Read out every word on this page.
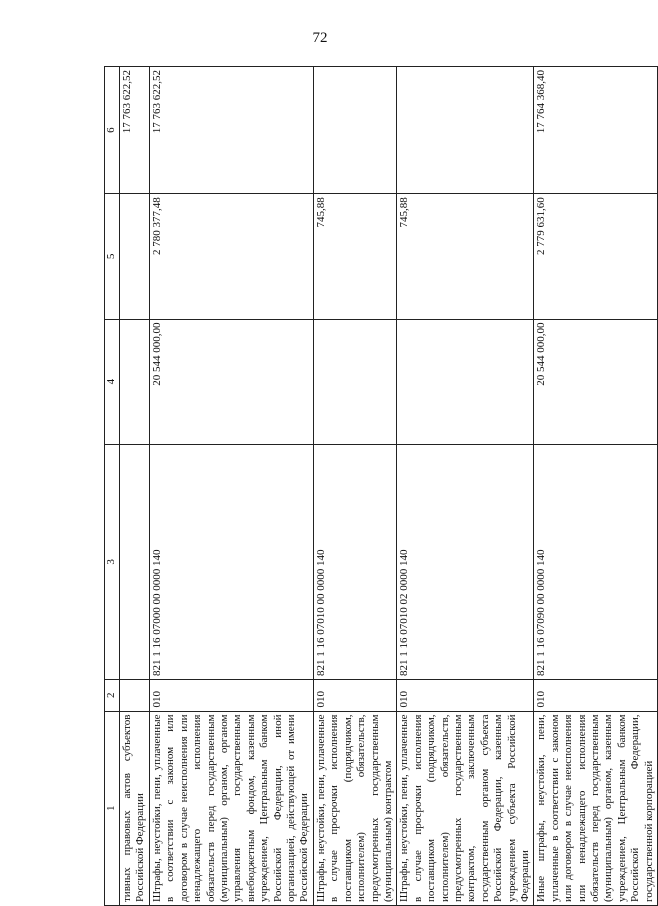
72
1	2	3	4	5	6
тивных правовых актов субъектов Российской Федерации					17 763 622,52
Штрафы, неустойки, пени, уплаченные в соответствии с законом или договором в случае неисполнения или ненадлежащего исполнения обязательств перед государственным (муниципальным) органом, органом управления государственным внебюджетным фондом, казенным учреждением, Центральным банком Российской Федерации, иной организацией, действующей от имени Российской Федерации	010	821 1 16 07000 00 0000 140	20 544 000,00	2 780 377,48	17 763 622,52
Штрафы, неустойки, пени, уплаченные в случае просрочки исполнения поставщиком (подрядчиком, исполнителем) обязательств, предусмотренных государственным (муниципальным) контрактом	010	821 1 16 07010 00 0000 140		745,88	
Штрафы, неустойки, пени, уплаченные в случае просрочки исполнения поставщиком (подрядчиком, исполнителем) обязательств, предусмотренных государственным контрактом, заключенным государственным органом субъекта Российской Федерации, казенным учреждением субъекта Российской Федерации	010	821 1 16 07010 02 0000 140		745,88	
Иные штрафы, неустойки, пени, уплаченные в соответствии с законом или договором в случае неисполнения или ненадлежащего исполнения обязательств перед государственным (муниципальным) органом, казенным учреждением, Центральным банком Российской Федерации, государственной корпорацией	010	821 1 16 07090 00 0000 140	20 544 000,00	2 779 631,60	17 764 368,40
